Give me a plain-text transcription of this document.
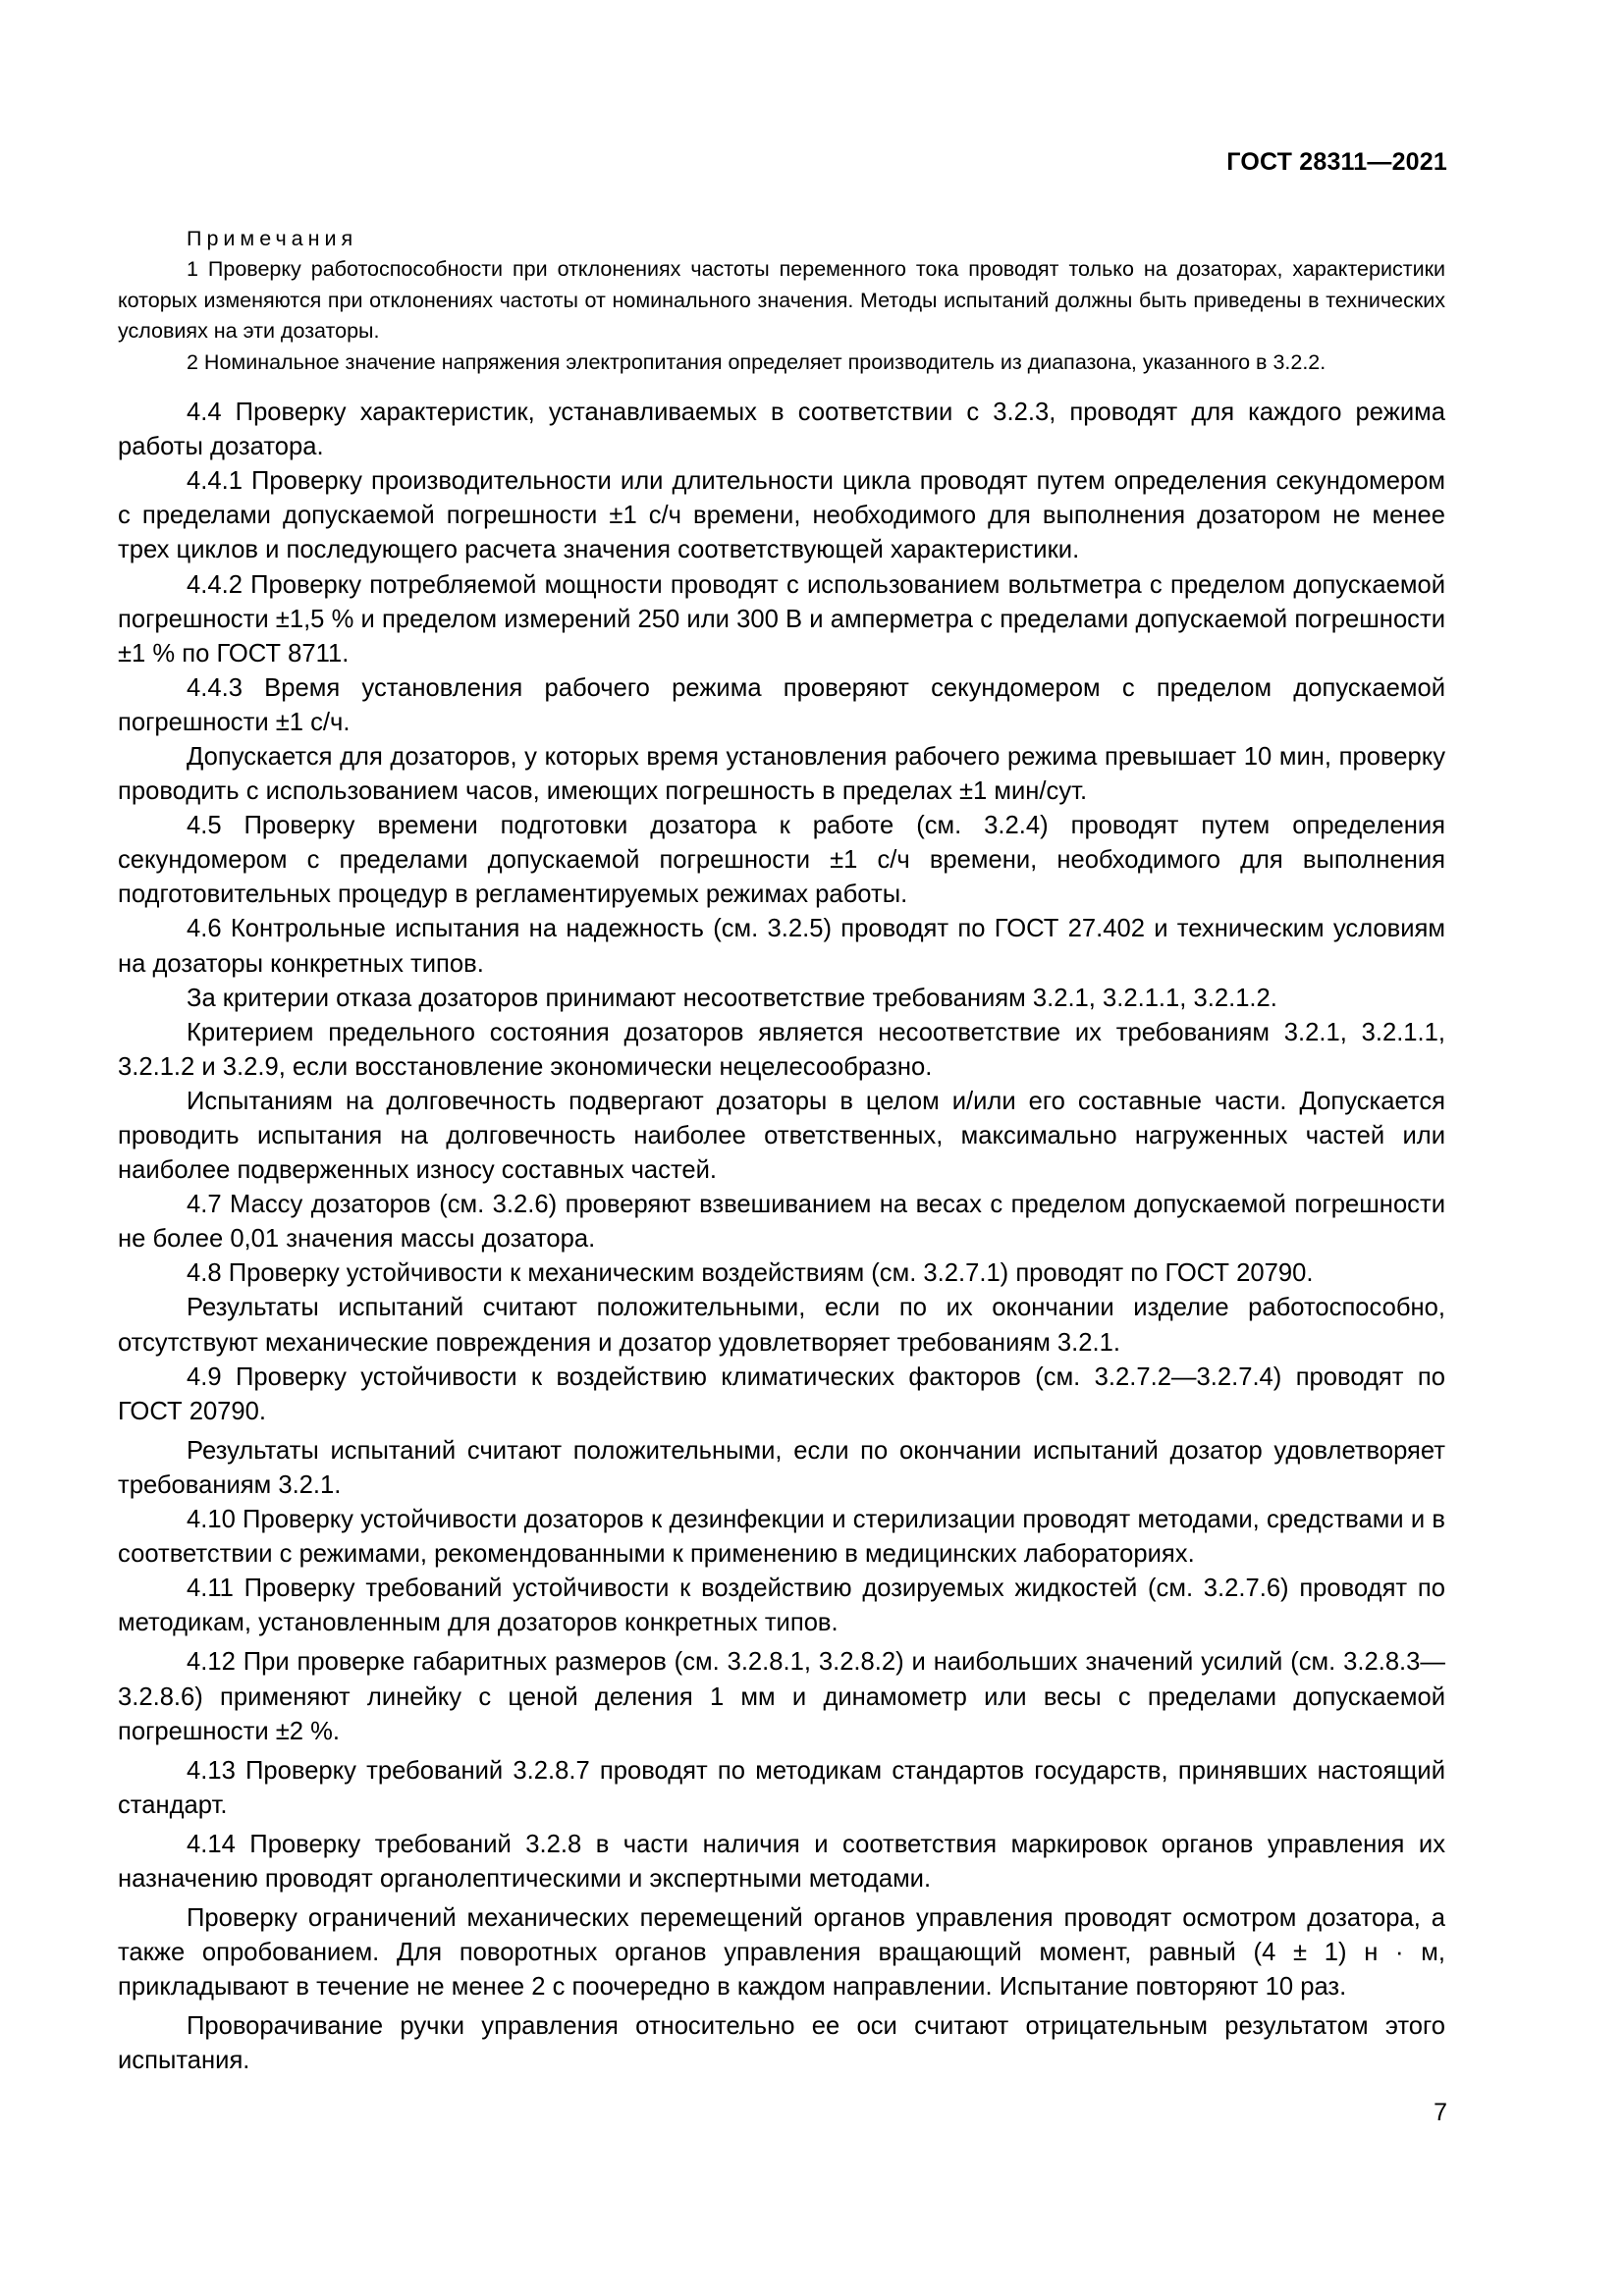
ГОСТ 28311—2021

Примечания

1 Проверку работоспособности при отклонениях частоты переменного тока проводят только на дозаторах, характеристики которых изменяются при отклонениях частоты от номинального значения. Методы испытаний должны быть приведены в технических условиях на эти дозаторы.

2 Номинальное значение напряжения электропитания определяет производитель из диапазона, указанного в 3.2.2.

4.4 Проверку характеристик, устанавливаемых в соответствии с 3.2.3, проводят для каждого режима работы дозатора.

4.4.1 Проверку производительности или длительности цикла проводят путем определения секундомером с пределами допускаемой погрешности ±1 с/ч времени, необходимого для выполнения дозатором не менее трех циклов и последующего расчета значения соответствующей характеристики.

4.4.2 Проверку потребляемой мощности проводят с использованием вольтметра с пределом допускаемой погрешности ±1,5 % и пределом измерений 250 или 300 В и амперметра с пределами допускаемой погрешности ±1 % по ГОСТ 8711.

4.4.3 Время установления рабочего режима проверяют секундомером с пределом допускаемой погрешности ±1 с/ч.

Допускается для дозаторов, у которых время установления рабочего режима превышает 10 мин, проверку проводить с использованием часов, имеющих погрешность в пределах ±1 мин/сут.

4.5 Проверку времени подготовки дозатора к работе (см. 3.2.4) проводят путем определения секундомером с пределами допускаемой погрешности ±1 с/ч времени, необходимого для выполнения подготовительных процедур в регламентируемых режимах работы.

4.6 Контрольные испытания на надежность (см. 3.2.5) проводят по ГОСТ 27.402 и техническим условиям на дозаторы конкретных типов.

За критерии отказа дозаторов принимают несоответствие требованиям 3.2.1, 3.2.1.1, 3.2.1.2.

Критерием предельного состояния дозаторов является несоответствие их требованиям 3.2.1, 3.2.1.1, 3.2.1.2 и 3.2.9, если восстановление экономически нецелесообразно.

Испытаниям на долговечность подвергают дозаторы в целом и/или его составные части. Допускается проводить испытания на долговечность наиболее ответственных, максимально нагруженных частей или наиболее подверженных износу составных частей.

4.7 Массу дозаторов (см. 3.2.6) проверяют взвешиванием на весах с пределом допускаемой погрешности не более 0,01 значения массы дозатора.

4.8 Проверку устойчивости к механическим воздействиям (см. 3.2.7.1) проводят по ГОСТ 20790.

Результаты испытаний считают положительными, если по их окончании изделие работоспособно, отсутствуют механические повреждения и дозатор удовлетворяет требованиям 3.2.1.

4.9 Проверку устойчивости к воздействию климатических факторов (см. 3.2.7.2—3.2.7.4) проводят по ГОСТ 20790.

Результаты испытаний считают положительными, если по окончании испытаний дозатор удовлетворяет требованиям 3.2.1.

4.10 Проверку устойчивости дозаторов к дезинфекции и стерилизации проводят методами, средствами и в соответствии с режимами, рекомендованными к применению в медицинских лабораториях.

4.11 Проверку требований устойчивости к воздействию дозируемых жидкостей (см. 3.2.7.6) проводят по методикам, установленным для дозаторов конкретных типов.

4.12 При проверке габаритных размеров (см. 3.2.8.1, 3.2.8.2) и наибольших значений усилий (см. 3.2.8.3—3.2.8.6) применяют линейку с ценой деления 1 мм и динамометр или весы с пределами допускаемой погрешности ±2 %.

4.13 Проверку требований 3.2.8.7 проводят по методикам стандартов государств, принявших настоящий стандарт.

4.14 Проверку требований 3.2.8 в части наличия и соответствия маркировок органов управления их назначению проводят органолептическими и экспертными методами.

Проверку ограничений механических перемещений органов управления проводят осмотром дозатора, а также опробованием. Для поворотных органов управления вращающий момент, равный (4 ± 1) н · м, прикладывают в течение не менее 2 с поочередно в каждом направлении. Испытание повторяют 10 раз.

Проворачивание ручки управления относительно ее оси считают отрицательным результатом этого испытания.

7
